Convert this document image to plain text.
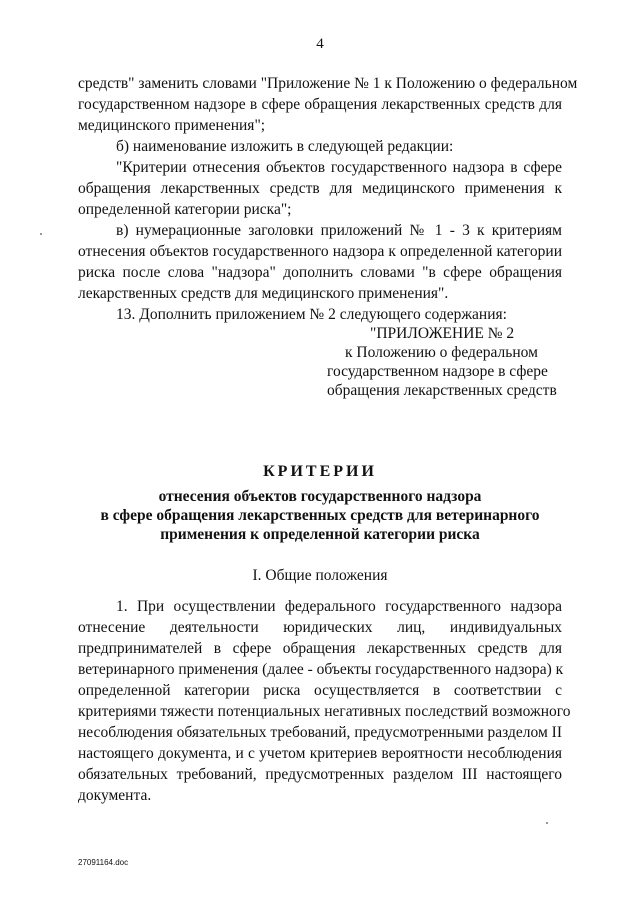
4
средств" заменить словами "Приложение № 1 к Положению о федеральном
государственном надзоре в сфере обращения лекарственных средств для
медицинского применения";
б) наименование изложить в следующей редакции:
"Критерии отнесения объектов государственного надзора в сфере
обращения лекарственных средств для медицинского применения к
определенной категории риска";
в) нумерационные заголовки приложений № 1 - 3 к критериям
отнесения объектов государственного надзора к определенной категории
риска после слова "надзора" дополнить словами "в сфере обращения
лекарственных средств для медицинского применения".
13. Дополнить приложением № 2 следующего содержания:
"ПРИЛОЖЕНИЕ № 2
к Положению о федеральном
государственном надзоре в сфере
обращения лекарственных средств
КРИТЕРИИ
отнесения объектов государственного надзора
в сфере обращения лекарственных средств для ветеринарного
применения к определенной категории риска
I. Общие положения
1. При осуществлении федерального государственного надзора
отнесение деятельности юридических лиц, индивидуальных
предпринимателей в сфере обращения лекарственных средств для
ветеринарного применения (далее - объекты государственного надзора) к
определенной категории риска осуществляется в соответствии с
критериями тяжести потенциальных негативных последствий возможного
несоблюдения обязательных требований, предусмотренными разделом II
настоящего документа, и с учетом критериев вероятности несоблюдения
обязательных требований, предусмотренных разделом III настоящего
документа.
27091164.doc
